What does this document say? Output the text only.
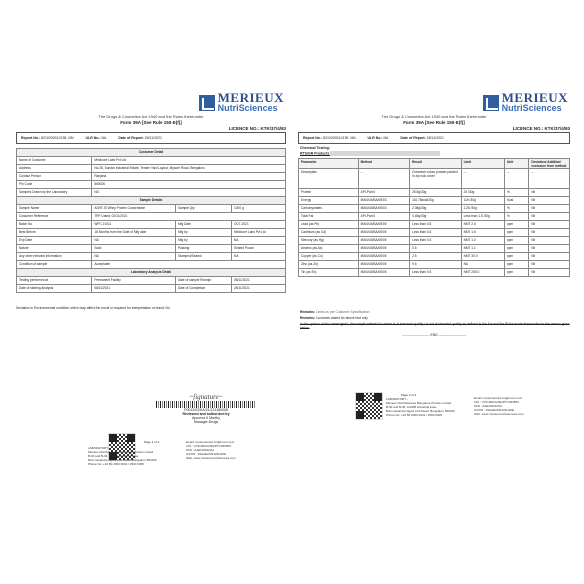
MERIEUX
NutriSciences
The Drugs & Cosmetics Act 1940 and the Rules thereunder
Form 39A [See Rule 150-E(f)]
LICENCE NO.: KTK/37/4/93
Report No.: 8210200012135 -NN	ULR No.: NA	Date of Report: 25/11/2021
Customer Detail			
Name of Customer	Medicore Labs Pvt Ltd		
Address	No.28, Sundar Industrial Estate, Tender Yard Layout, Mysore Road, Bengaluru		
Contact Person	Ranjana		
Pin Code	560026		
Samples Drawn by the Laboratory	NO		
Sample Details			
Sample Name	ASHT-IS Whey Protein Concentrate	Sample Qty	1000 g
Customer Reference	TRF Dated: 02/11/2021		
Batch No	WPC 21011	Mfg Date	OCT-2021
Best Before	18 Months from the Date of Mfg date	Mfg by	Medicore Labs Pvt Ltd
Exp Date	NA	Mfg by	NA
Nature	Solid	Packing	Sealed Pouch
Any other relevant information	NA	Stamped/Sealed	NA
Condition of sample	Acceptable		
Laboratory Analysis Detail			
Testing performed at	Permanent Facility	Date of sample Receipt	08/11/2021
Date of starting Analysis	08/11/2021	Date of Completion	25/11/2021
Deviation in Environmental condition which may affect the result or required for interpretation of result: No
~ſignature~
P0012/02/KA/21/121180008
Reviewed and authorized by
Apoorva K Murthy
Manager-Drugs
Page 1 of 2
LABORATORY:-
Merieux NutriSciences Bangalore Private Limited
B-30 and B-36, KIADB Industrial Area,
Bommasandra Jigani Link Road, Bengaluru 560105
Phone No: +91 80 2000 0001 / 2500 0005
Email: customercare.bn@mxns.com
CIN : U73100KA2002PTC030553
PAN : AAECM2123H
GSTIN : 29AAECM2123H1ZE
Web: www.merieuxnutrisciences.com
MERIEUX
NutriSciences
The Drugs & Cosmetics Act 1940 and the Rules thereunder
Form 39A [See Rule 150-E(f)]
LICENCE NO.: KTK/37/4/93
Report No.: 8210200012135 -NN	ULR No.: NA	Date of Report: 25/11/2021
Chemical Testing:
RTS/GR Products
Parameter	Method	Result	Limit	Unit	Deviation/ Addition/ exclusion from method
Description	--	Creamish colour powder packed in zip lock cover	--	--	--
Protein	API-Part II	25.5g/30g	24 /30g	%	Nil
Energy	MAN/LB/BA/05/03	110.78kcal/30g	119 /30g	Kcal	Nil
Carbohydrates	MAN/LB/BA/05/03	2.08g/30g	2.25 /30g	%	Nil
Total Fat	API-Part II	0.45g/30g	Less than 1.5 /30g	%	Nil
Lead (as Pb)	MAN/LB/BA/05/05	Less than 0.5	NMT 2.5	ppm	Nil
Cadmium (as Cd)	MAN/LB/BA/05/05	Less than 0.5	NMT 1.5	ppm	Nil
Mercury (as Hg)	MAN/LB/BA/05/05	Less than 0.5	NMT 1.0	ppm	Nil
Arsenic (as As)	MAN/LB/BA/05/05	0.5	NMT 1.1	ppm	Nil
Copper (as Cu)	MAN/LB/BA/05/05	2.5	NMT 30.0	ppm	Nil
Zinc (as Zn)	MAN/LB/BA/05/05	9.5	NA	ppm	Nil
Tin (as Sn)	MAN/LB/BA/05/05	Less than 0.5	NMT 250.0	ppm	Nil
Remarks: Limits as per Customer Specification
Remarks: Customer asked for above test only
In the opinion of the undersigned, the sample referred to above is of standard quality / is not of standard quality as defined in the Act and the Rules made thereunder for the reason given below:
------------------------- END -------------------------
Page 2 of 2
LABORATORY:-
Merieux NutriSciences Bangalore Private Limited
B-30 and B-36, KIADB Industrial Area,
Bommasandra Jigani Link Road, Bengaluru 560105
Phone No: +91 80 2000 0001 / 2500 0005
Email: customercare.bn@mxns.com
CIN : U73100KA2002PTC030553
PAN : AAECM2123H
GSTIN : 29AAECM2123H1ZE
Web: www.merieuxnutrisciences.com
